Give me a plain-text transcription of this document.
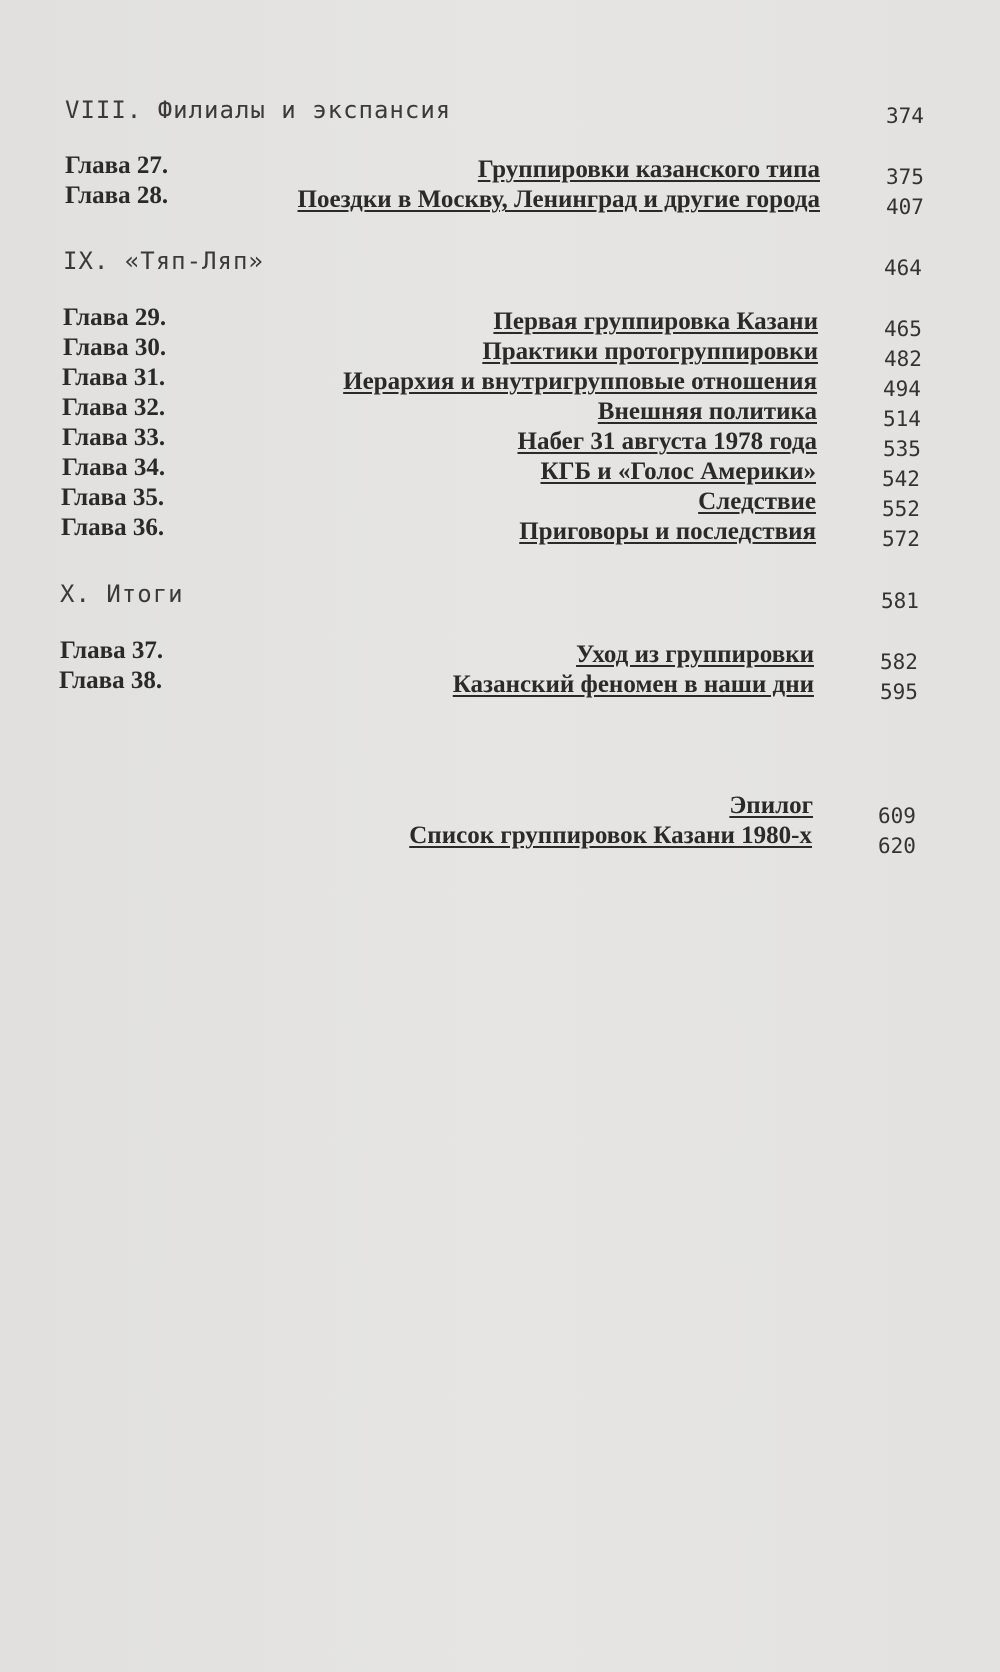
VIII. Филиалы и экспансия	374
Глава 27.	Группировки казанского типа	375
Глава 28.	Поездки в Москву, Ленинград и другие города	407
IX. «Тяп-Ляп»	464
Глава 29.	Первая группировка Казани	465
Глава 30.	Практики протогруппировки	482
Глава 31.	Иерархия и внутригрупповые отношения	494
Глава 32.	Внешняя политика	514
Глава 33.	Набег 31 августа 1978 года	535
Глава 34.	КГБ и «Голос Америки»	542
Глава 35.	Следствие	552
Глава 36.	Приговоры и последствия	572
X. Итоги	581
Глава 37.	Уход из группировки	582
Глава 38.	Казанский феномен в наши дни	595
Эпилог	609
Список группировок Казани 1980-х	620
